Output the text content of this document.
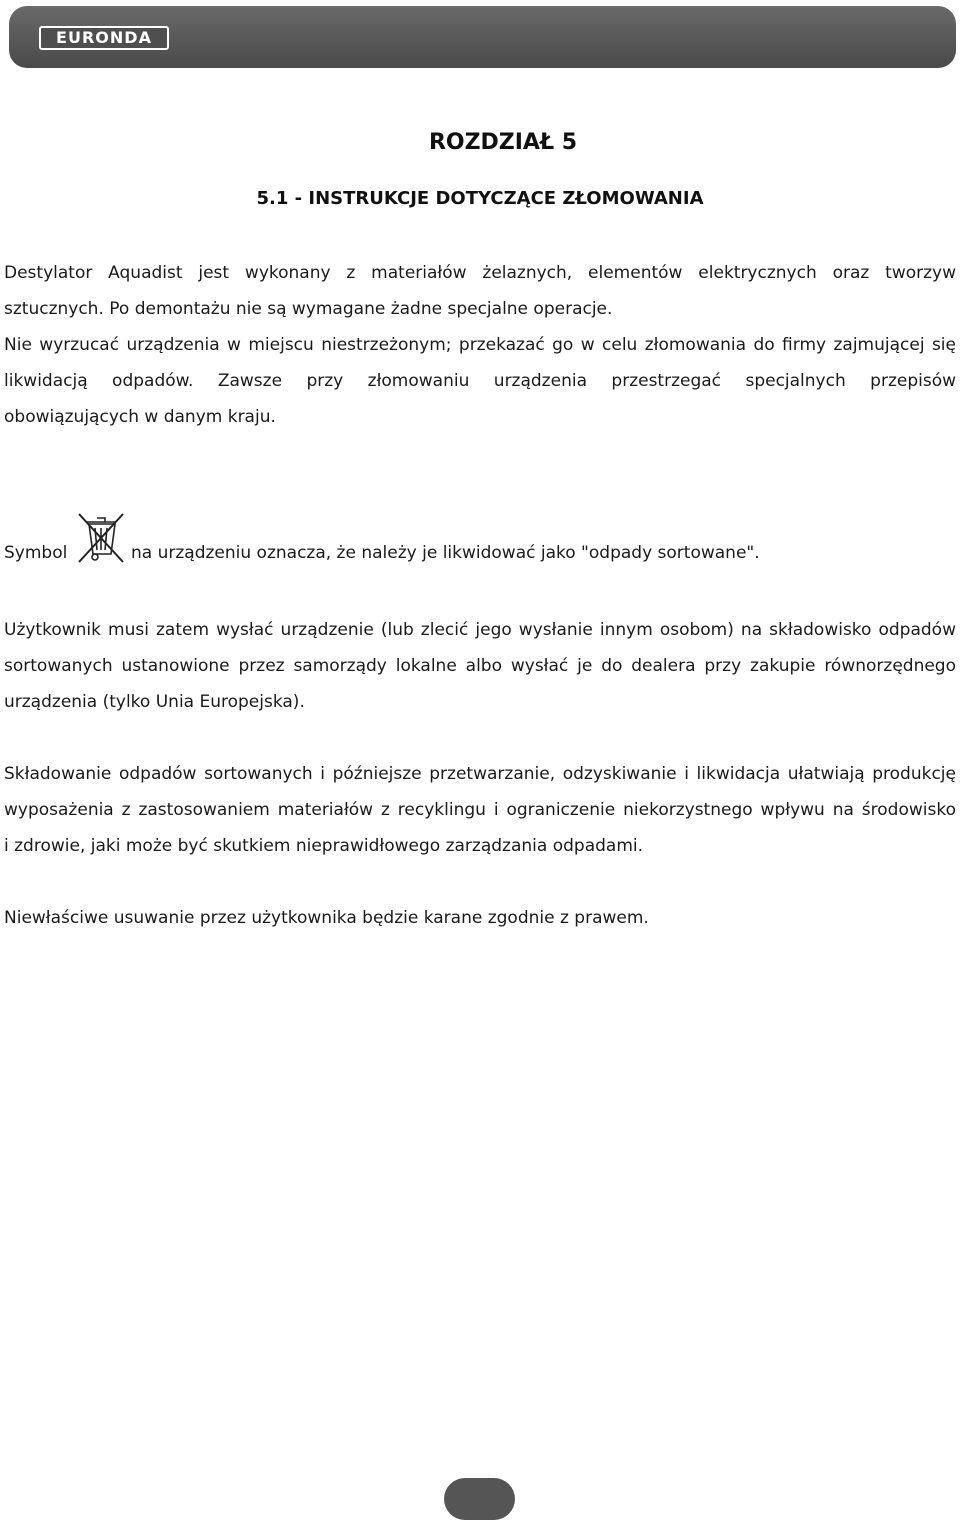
EURONDA
ROZDZIAŁ 5
5.1 - INSTRUKCJE DOTYCZĄCE ZŁOMOWANIA
Destylator Aquadist jest wykonany z materiałów żelaznych, elementów elektrycznych oraz tworzyw
sztucznych. Po demontażu nie są wymagane żadne specjalne operacje.
Nie wyrzucać urządzenia w miejscu niestrzeżonym; przekazać go w celu złomowania do firmy zajmującej się
likwidacją odpadów. Zawsze przy złomowaniu urządzenia przestrzegać specjalnych przepisów
obowiązujących w danym kraju.
Symbol	na urządzeniu oznacza, że należy je likwidować jako "odpady sortowane".
Użytkownik musi zatem wysłać urządzenie (lub zlecić jego wysłanie innym osobom) na składowisko odpadów
sortowanych ustanowione przez samorządy lokalne albo wysłać je do dealera przy zakupie równorzędnego
urządzenia (tylko Unia Europejska).
Składowanie odpadów sortowanych i późniejsze przetwarzanie, odzyskiwanie i likwidacja ułatwiają produkcję
wyposażenia z zastosowaniem materiałów z recyklingu i ograniczenie niekorzystnego wpływu na środowisko
i zdrowie, jaki może być skutkiem nieprawidłowego zarządzania odpadami.
Niewłaściwe usuwanie przez użytkownika będzie karane zgodnie z prawem.
